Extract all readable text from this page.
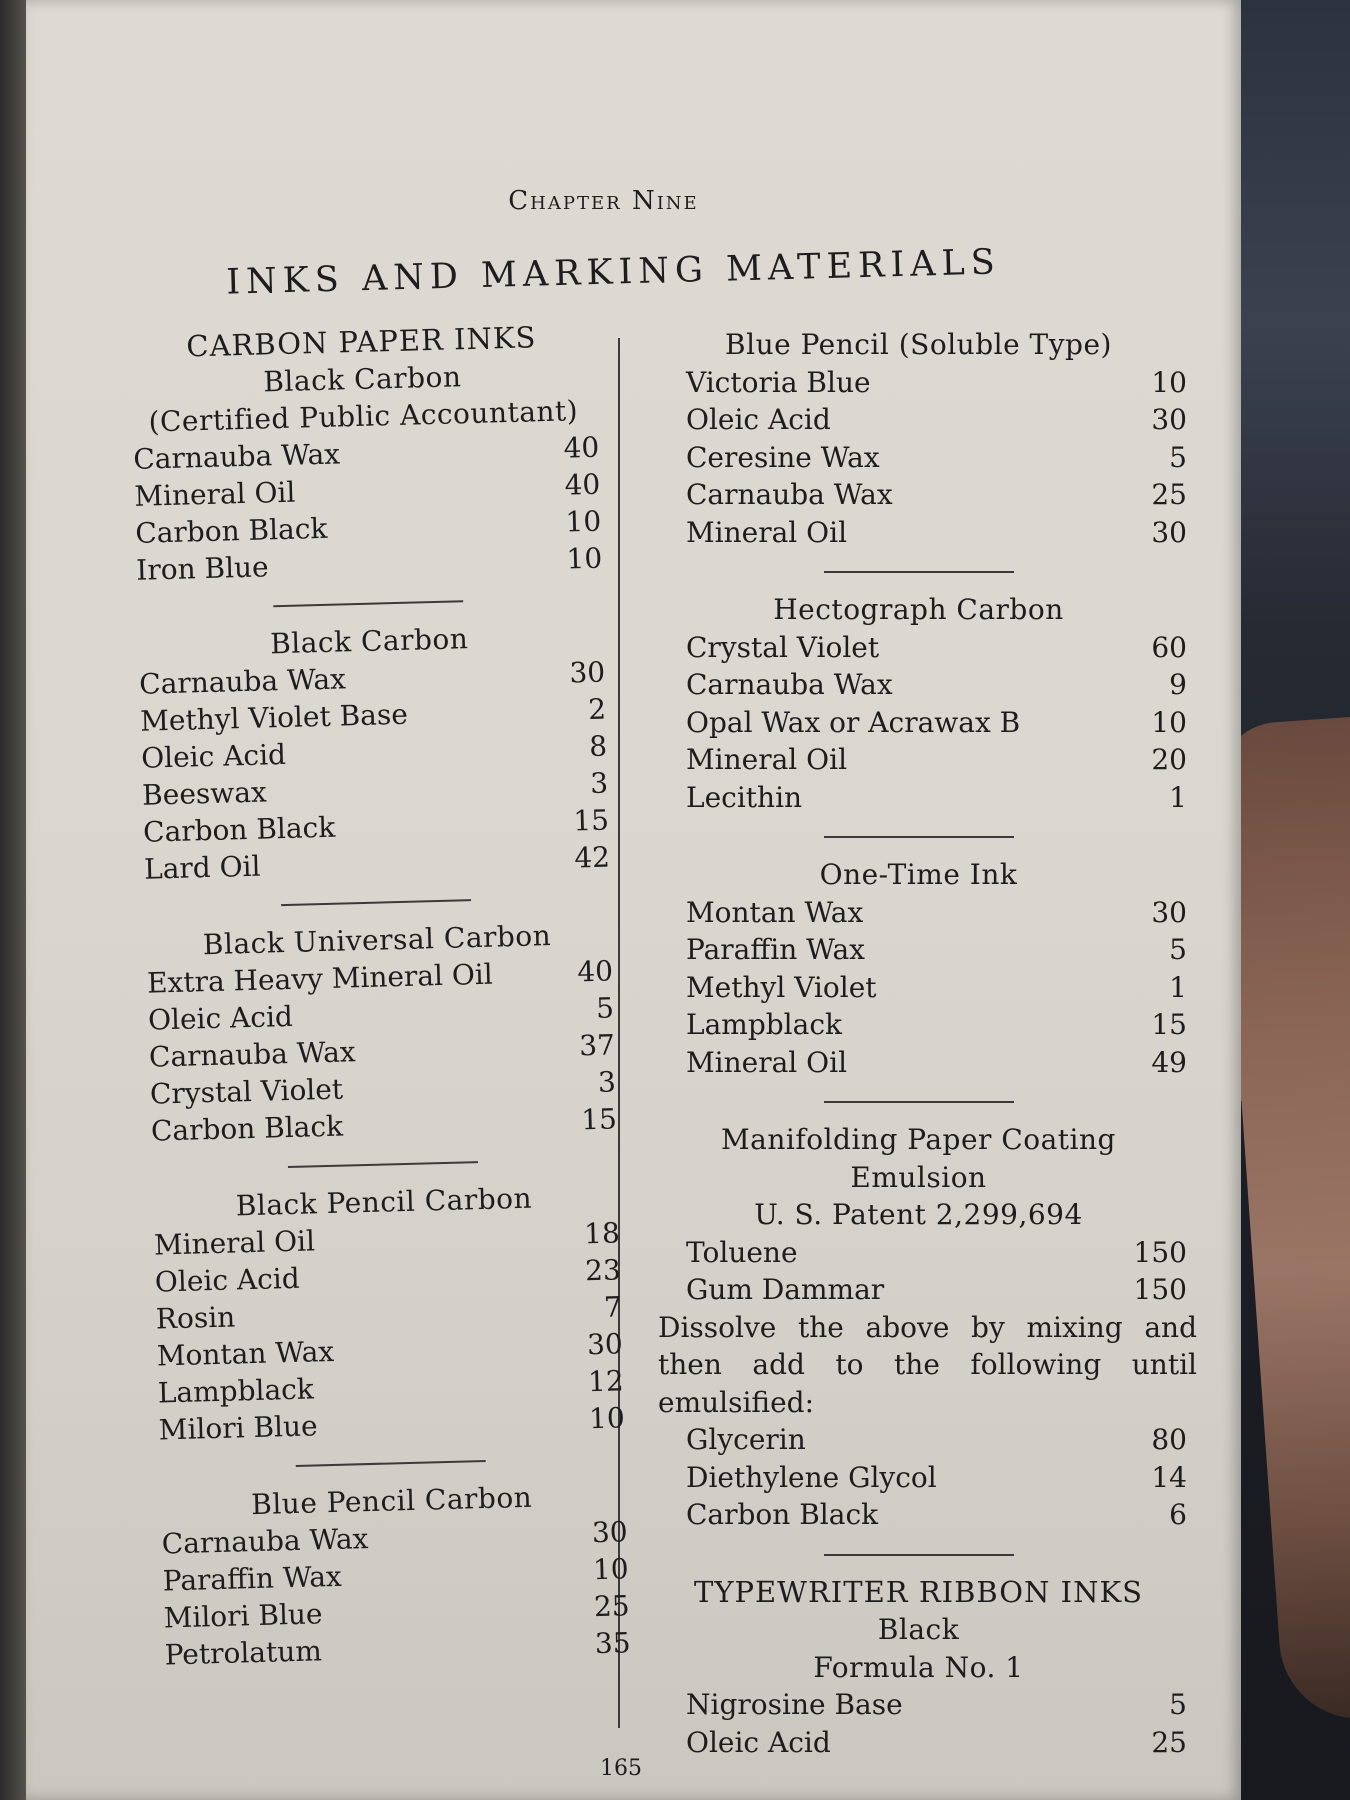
Chapter Nine
INKS AND MARKING MATERIALS
CARBON PAPER INKS
Black Carbon
(Certified Public Accountant)
Carnauba Wax	40
Mineral Oil	40
Carbon Black	10
Iron Blue	10
Black Carbon
Carnauba Wax	30
Methyl Violet Base	2
Oleic Acid	8
Beeswax	3
Carbon Black	15
Lard Oil	42
Black Universal Carbon
Extra Heavy Mineral Oil	40
Oleic Acid	5
Carnauba Wax	37
Crystal Violet	3
Carbon Black	15
Black Pencil Carbon
Mineral Oil	18
Oleic Acid	23
Rosin	7
Montan Wax	30
Lampblack	12
Milori Blue	10
Blue Pencil Carbon
Carnauba Wax	30
Paraffin Wax	10
Milori Blue	25
Petrolatum	35
Blue Pencil (Soluble Type)
Victoria Blue	10
Oleic Acid	30
Ceresine Wax	5
Carnauba Wax	25
Mineral Oil	30
Hectograph Carbon
Crystal Violet	60
Carnauba Wax	9
Opal Wax or Acrawax B	10
Mineral Oil	20
Lecithin	1
One-Time Ink
Montan Wax	30
Paraffin Wax	5
Methyl Violet	1
Lampblack	15
Mineral Oil	49
Manifolding Paper Coating
Emulsion
U. S. Patent 2,299,694
Toluene	150
Gum Dammar	150
Dissolve the above by mixing and then add to the following until emulsified:
Glycerin	80
Diethylene Glycol	14
Carbon Black	6
TYPEWRITER RIBBON INKS
Black
Formula No. 1
Nigrosine Base	5
Oleic Acid	25
165
